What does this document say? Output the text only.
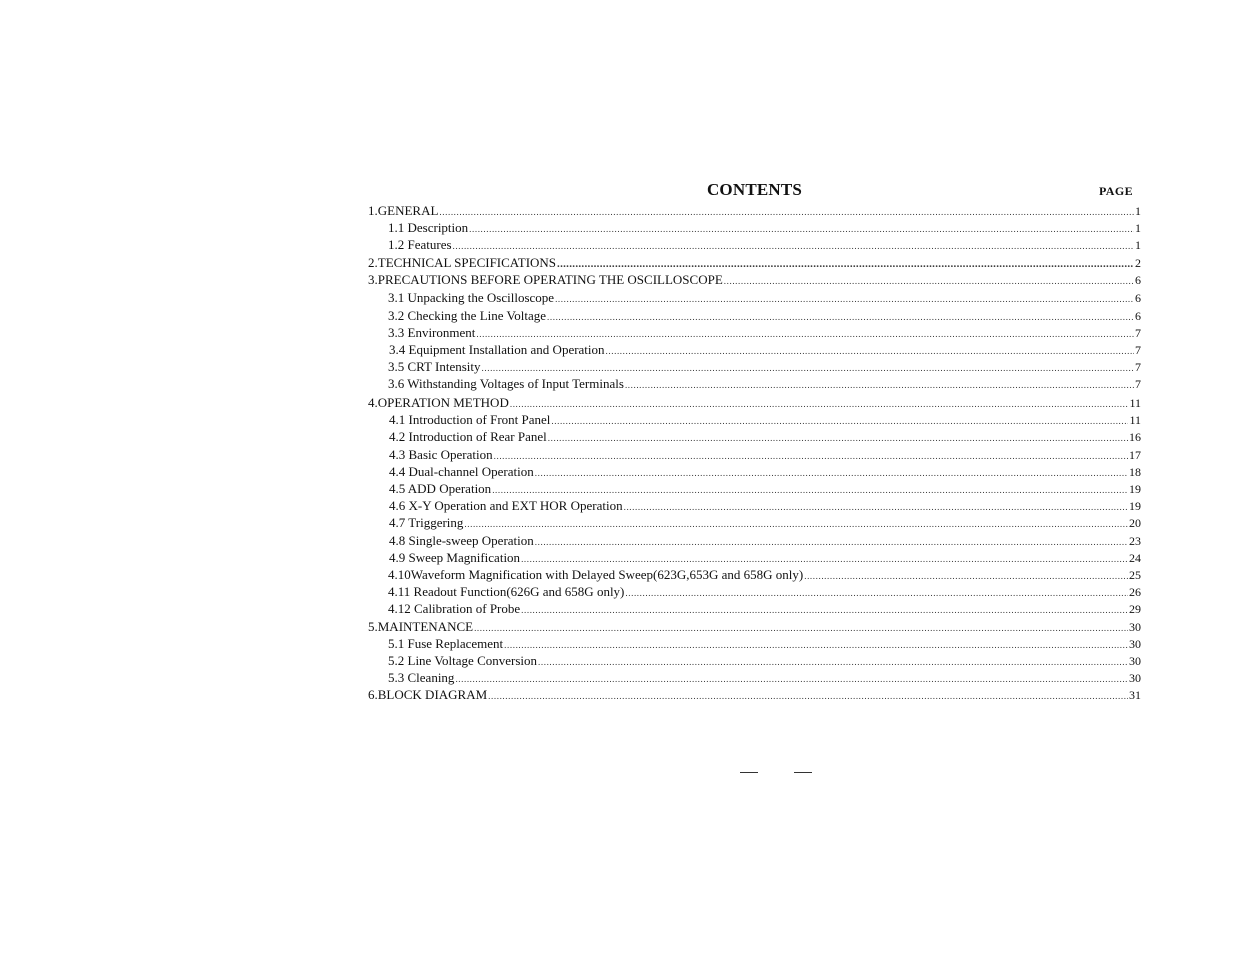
CONTENTS	PAGE
1.GENERAL .....	1
1.1 Description .....	1
1.2 Features .....	1
2.TECHNICAL SPECIFICATIONS .....	2
3.PRECAUTIONS BEFORE OPERATING THE OSCILLOSCOPE .....	6
3.1 Unpacking the Oscilloscope .....	6
3.2 Checking the Line Voltage .....	6
3.3 Environment .....	7
3.4 Equipment Installation and Operation .....	7
3.5 CRT Intensity .....	7
3.6 Withstanding Voltages of Input Terminals .....	7
4.OPERATION METHOD .....	11
4.1 Introduction of Front Panel .....	11
4.2 Introduction of Rear Panel .....	16
4.3 Basic Operation .....	17
4.4 Dual-channel Operation .....	18
4.5 ADD Operation .....	19
4.6 X-Y Operation and EXT HOR Operation .....	19
4.7 Triggering .....	20
4.8 Single-sweep Operation .....	23
4.9 Sweep Magnification .....	24
4.10Waveform Magnification with Delayed Sweep(623G,653G and 658G only) .....	25
4.11 Readout Function(626G and 658G only) .....	26
4.12 Calibration of Probe .....	29
5.MAINTENANCE .....	30
5.1 Fuse Replacement .....	30
5.2 Line Voltage Conversion .....	30
5.3 Cleaning .....	30
6.BLOCK DIAGRAM .....	31
